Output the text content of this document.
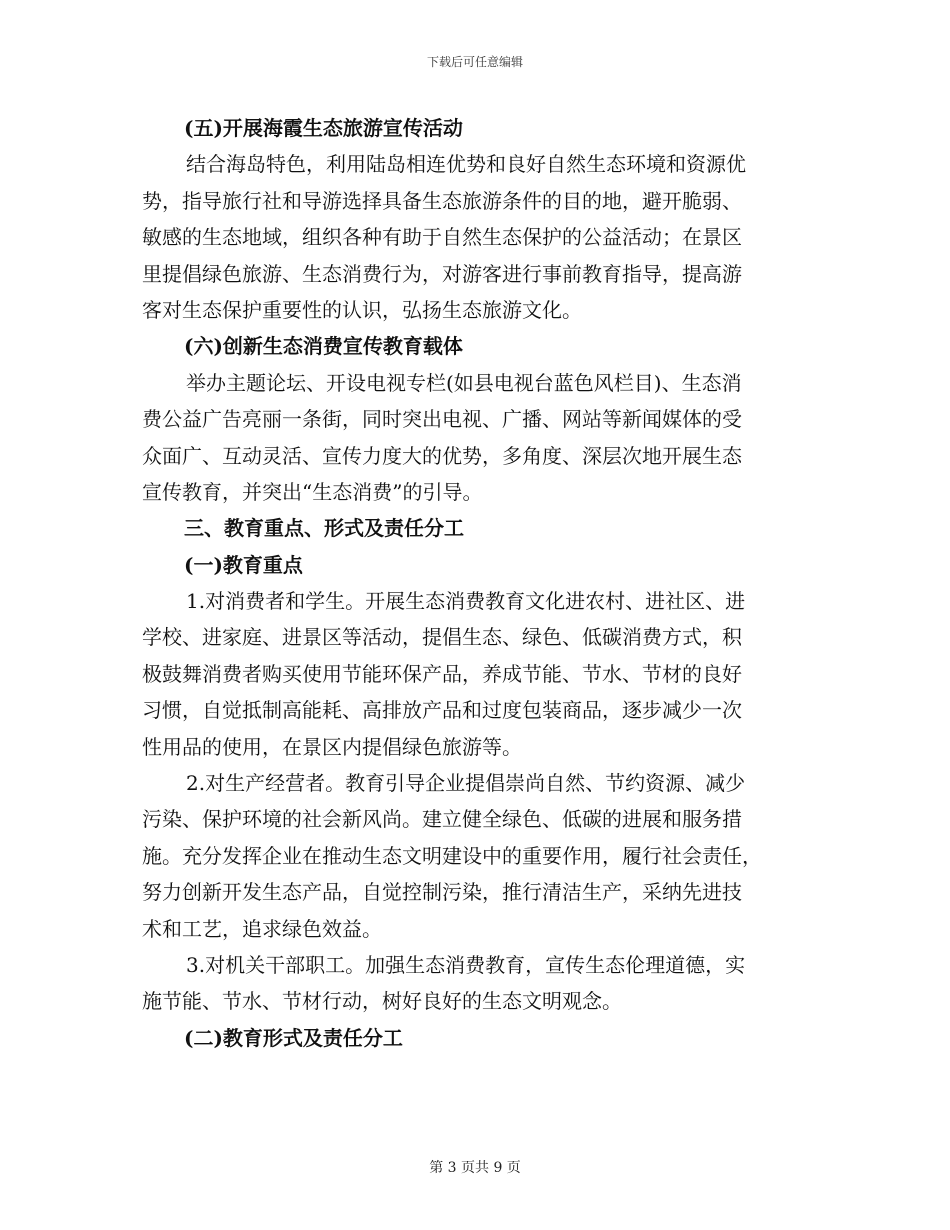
下载后可任意编辑
(五)开展海霞生态旅游宣传活动
结合海岛特色，利用陆岛相连优势和良好自然生态环境和资源优
势，指导旅行社和导游选择具备生态旅游条件的目的地，避开脆弱、
敏感的生态地域，组织各种有助于自然生态保护的公益活动；在景区
里提倡绿色旅游、生态消费行为，对游客进行事前教育指导，提高游
客对生态保护重要性的认识，弘扬生态旅游文化。
(六)创新生态消费宣传教育载体
举办主题论坛、开设电视专栏(如县电视台蓝色风栏目)、生态消
费公益广告亮丽一条街，同时突出电视、广播、网站等新闻媒体的受
众面广、互动灵活、宣传力度大的优势，多角度、深层次地开展生态
宣传教育，并突出“生态消费”的引导。
三、教育重点、形式及责任分工
(一)教育重点
1.对消费者和学生。开展生态消费教育文化进农村、进社区、进
学校、进家庭、进景区等活动，提倡生态、绿色、低碳消费方式，积
极鼓舞消费者购买使用节能环保产品，养成节能、节水、节材的良好
习惯，自觉抵制高能耗、高排放产品和过度包装商品，逐步减少一次
性用品的使用，在景区内提倡绿色旅游等。
2.对生产经营者。教育引导企业提倡崇尚自然、节约资源、减少
污染、保护环境的社会新风尚。建立健全绿色、低碳的进展和服务措
施。充分发挥企业在推动生态文明建设中的重要作用，履行社会责任，
努力创新开发生态产品，自觉控制污染，推行清洁生产，采纳先进技
术和工艺，追求绿色效益。
3.对机关干部职工。加强生态消费教育，宣传生态伦理道德，实
施节能、节水、节材行动，树好良好的生态文明观念。
(二)教育形式及责任分工
第 3 页共 9 页
